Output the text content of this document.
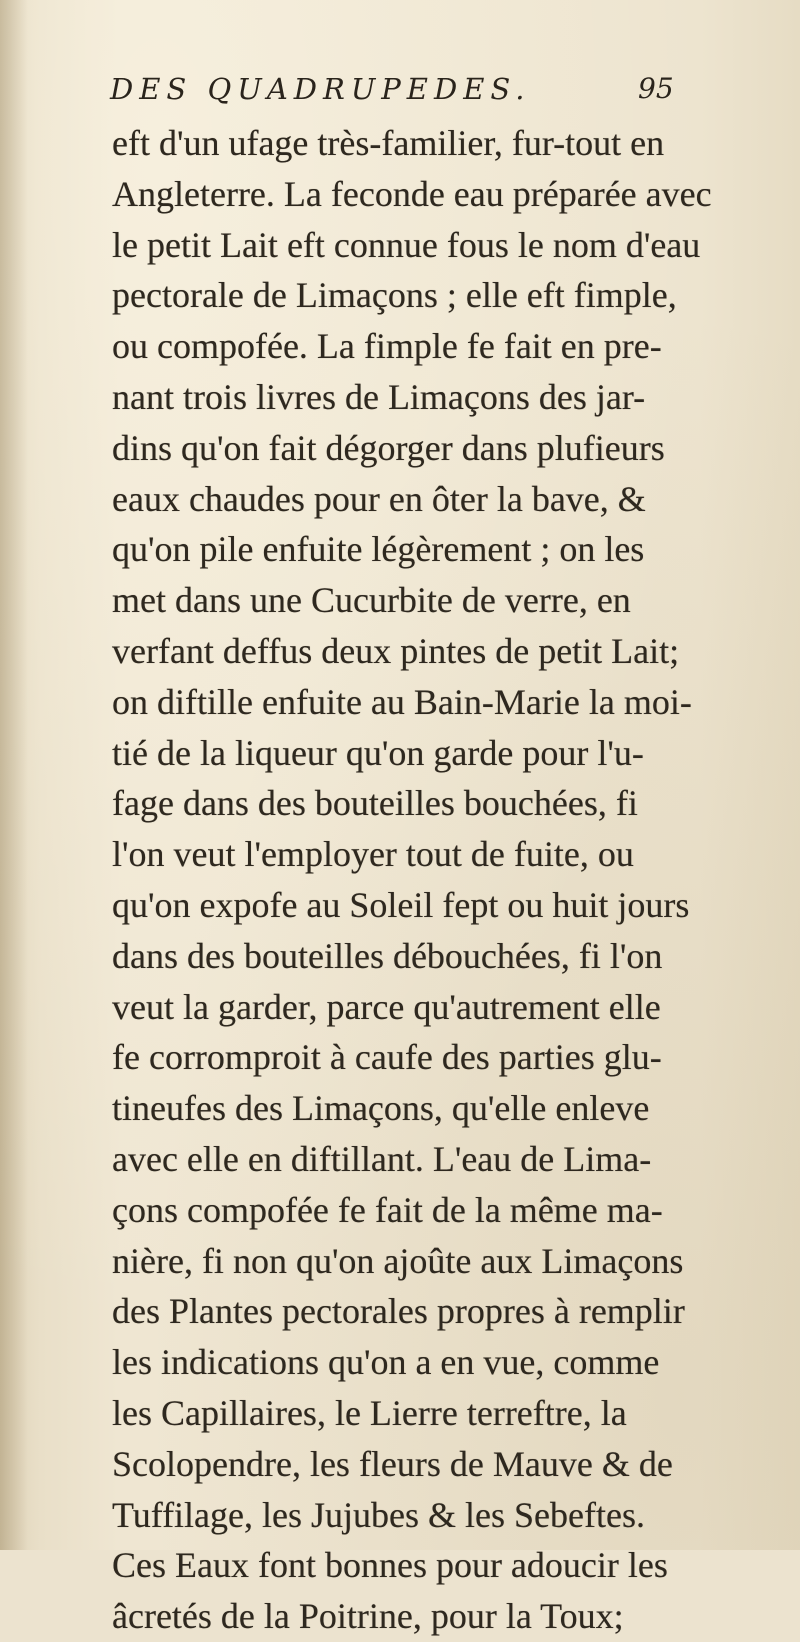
DES QUADRUPEDES.	95
eft d'un ufage très-familier, fur-tout en
Angleterre. La feconde eau préparée avec
le petit Lait eft connue fous le nom d'eau
pectorale de Limaçons ; elle eft fimple,
ou compofée. La fimple fe fait en pre-
nant trois livres de Limaçons des jar-
dins qu'on fait dégorger dans plufieurs
eaux chaudes pour en ôter la bave, &
qu'on pile enfuite légèrement ; on les
met dans une Cucurbite de verre, en
verfant deffus deux pintes de petit Lait;
on diftille enfuite au Bain-Marie la moi-
tié de la liqueur qu'on garde pour l'u-
fage dans des bouteilles bouchées, fi
l'on veut l'employer tout de fuite, ou
qu'on expofe au Soleil fept ou huit jours
dans des bouteilles débouchées, fi l'on
veut la garder, parce qu'autrement elle
fe corromproit à caufe des parties glu-
tineufes des Limaçons, qu'elle enleve
avec elle en diftillant. L'eau de Lima-
çons compofée fe fait de la même ma-
nière, fi non qu'on ajoûte aux Limaçons
des Plantes pectorales propres à remplir
les indications qu'on a en vue, comme
les Capillaires, le Lierre terreftre, la
Scolopendre, les fleurs de Mauve & de
Tuffilage, les Jujubes & les Sebeftes.
Ces Eaux font bonnes pour adoucir les
âcretés de la Poitrine, pour la Toux;
